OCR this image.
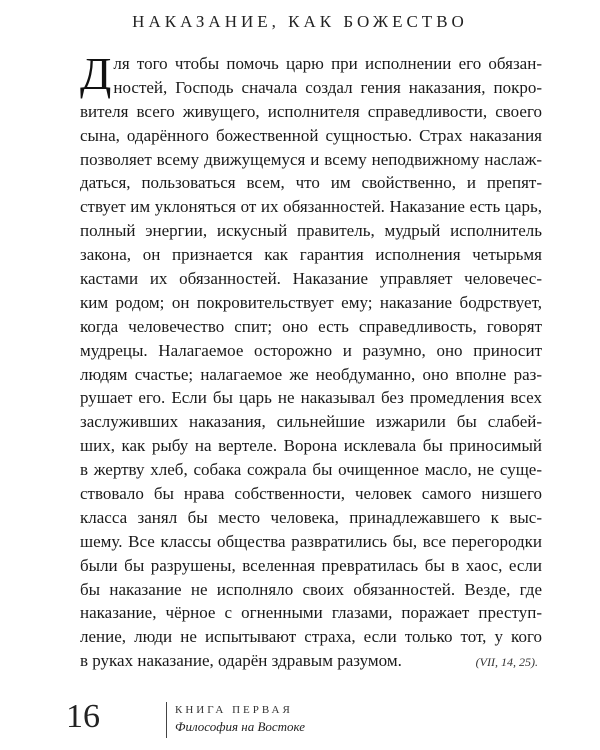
НАКАЗАНИЕ, КАК БОЖЕСТВО
Д ля того чтобы помочь царю при исполнении его обязан-
ностей, Господь сначала создал гения наказания, покро-
вителя всего живущего, исполнителя справедливости, своего
сына, одарённого божественной сущностью. Страх наказания
позволяет всему движущемуся и всему неподвижному наслаж-
даться, пользоваться всем, что им свойственно, и препят-
ствует им уклоняться от их обязанностей. Наказание есть царь,
полный энергии, искусный правитель, мудрый исполнитель
закона, он признается как гарантия исполнения четырьмя
кастами их обязанностей. Наказание управляет человечес-
ким родом; он покровительствует ему; наказание бодрствует,
когда человечество спит; оно есть справедливость, говорят
мудрецы. Налагаемое осторожно и разумно, оно приносит
людям счастье; налагаемое же необдуманно, оно вполне раз-
рушает его. Если бы царь не наказывал без промедления всех
заслуживших наказания, сильнейшие изжарили бы слабей-
ших, как рыбу на вертеле. Ворона исклевала бы приносимый
в жертву хлеб, собака сожрала бы очищенное масло, не суще-
ствовало бы нрава собственности, человек самого низшего
класса занял бы место человека, принадлежавшего к выс-
шему. Все классы общества развратились бы, все перегородки
были бы разрушены, вселенная превратилась бы в хаос, если
бы наказание не исполняло своих обязанностей. Везде, где
наказание, чёрное с огненными глазами, поражает преступ-
ление, люди не испытывают страха, если только тот, у кого
в руках наказание, одарён здравым разумом.	(VII, 14, 25).
16	КНИГА ПЕРВАЯ
Философия на Востоке
